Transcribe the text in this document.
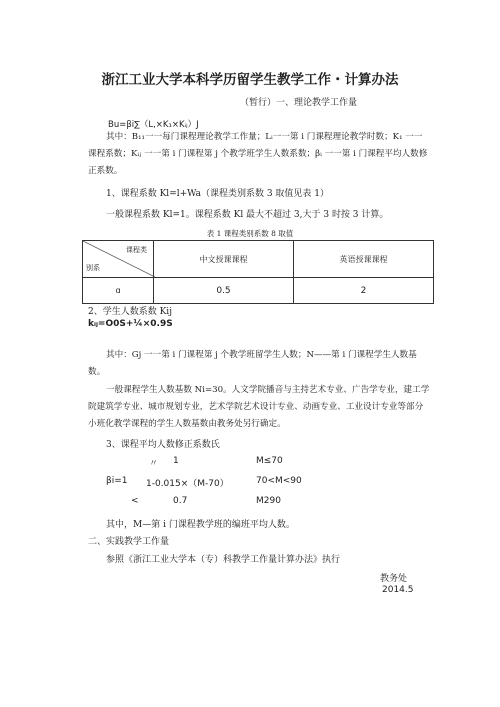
浙江工业大学本科学历留学生教学工作・计算办法
（暂行）一、理论教学工作量
Bu=βi∑（L,×K₁×Kᵢⱼ）J
其中：B₁₁一一每门课程理论教学工作量；Lᵢ一一第 i 门课程理论教学时数；K₁ 一一课程系数；Kᵢⱼ 一一第 i 门课程第 j 个教学班学生人数系数；βᵢ 一一第 i 门课程平均人数修正系数。
1、课程系数 Kl=l+Wa（课程类别系数 3 取值见表 1）
一般课程系数 Kl=1。课程系数 Kl 最大不超过 3,大于 3 时按 3 计算。
表 1 课程类别系数 8 取值
课程类
别系	中文授课课程	英语授课课程
ɑ	0.5	2
2、学生人数系数 Kij
kᵢⱼ=O0S+¼×0.9S
其中：Gj 一一第 i 门课程第 j 个教学班留学生人数；N——第 i 门课程学生人数基数。
一般课程学生人数基数 Ni=30。人文学院播音与主持艺术专业、广告学专业，建工学院建筑学专业、城市规划专业，艺术学院艺术设计专业、动画专业、工业设计专业等部分小班化教学课程的学生人数基数由教务处另行确定。
3、课程平均人数修正系数氏
〃 1	M≤70
βi=1 1-0.015×（M-70）	70<M<90
<	0.7	M290
其中，M—第 i 门课程教学班的编班平均人数。
二、实践教学工作量
参照《浙江工业大学本（专）科教学工作量计算办法》执行
教务处
2014.5
